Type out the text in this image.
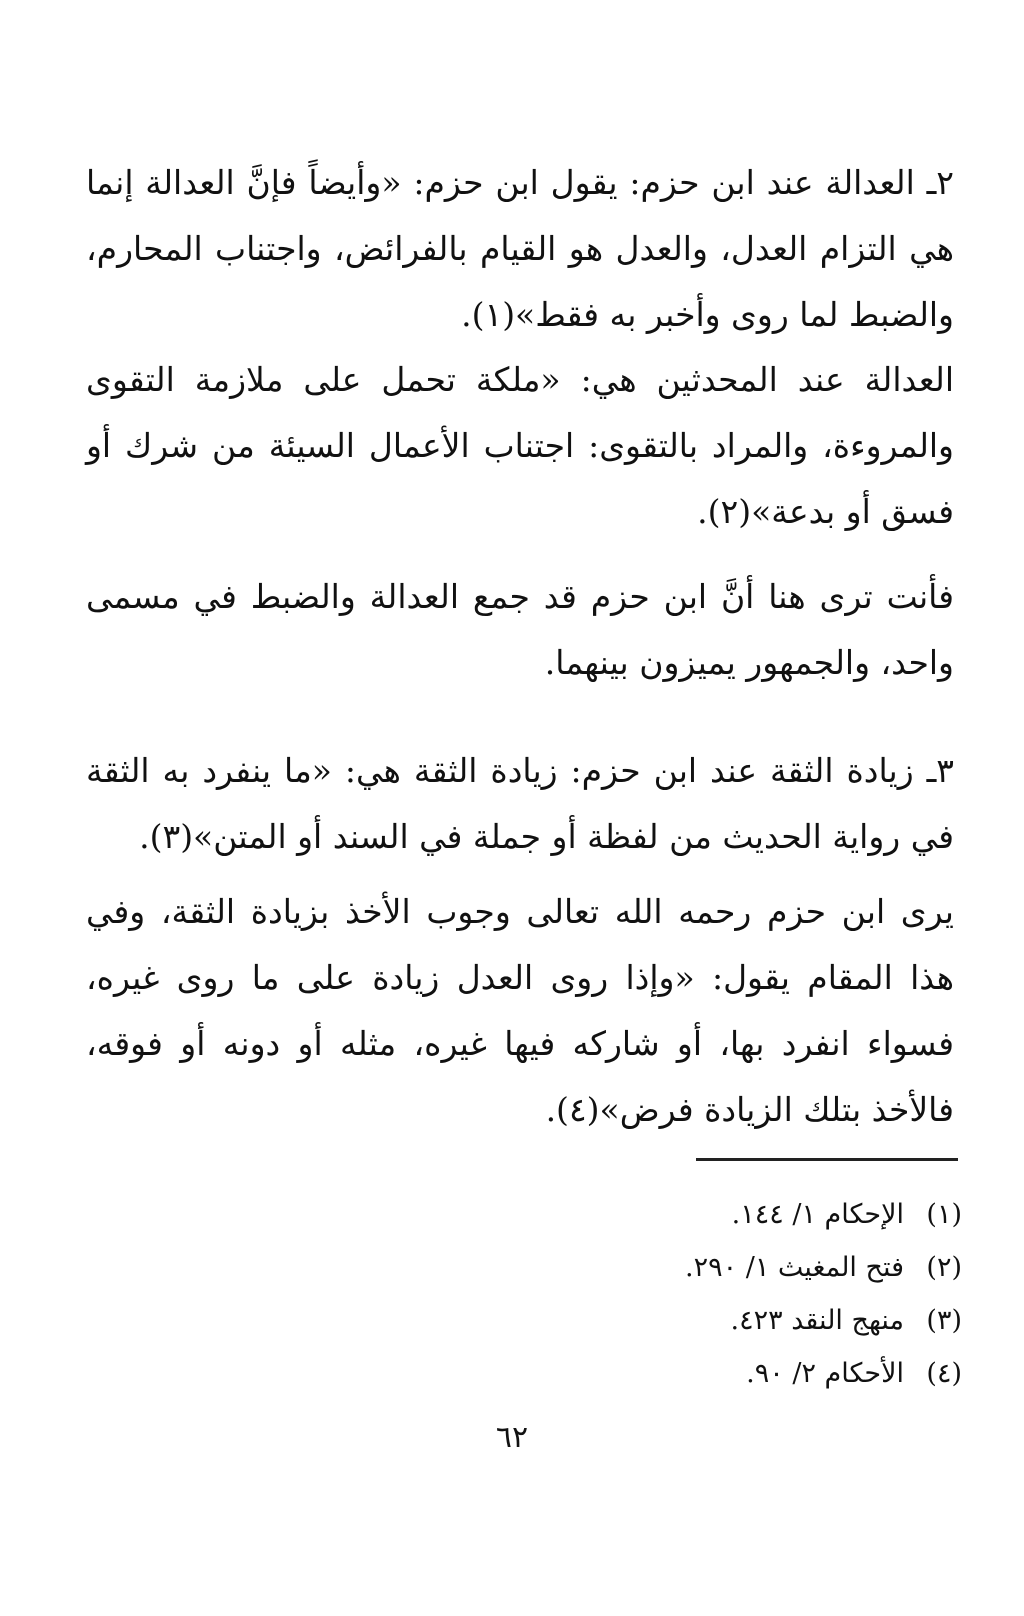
٢ـ العدالة عند ابن حزم: يقول ابن حزم: «وأيضاً فإنَّ العدالة إنما هي التزام العدل، والعدل هو القيام بالفرائض، واجتناب المحارم، والضبط لما روى وأخبر به فقط»(١).

العدالة عند المحدثين هي: «ملكة تحمل على ملازمة التقوى والمروءة، والمراد بالتقوى: اجتناب الأعمال السيئة من شرك أو فسق أو بدعة»(٢).

فأنت ترى هنا أنَّ ابن حزم قد جمع العدالة والضبط في مسمى واحد، والجمهور يميزون بينهما.

٣ـ زيادة الثقة عند ابن حزم: زيادة الثقة هي: «ما ينفرد به الثقة في رواية الحديث من لفظة أو جملة في السند أو المتن»(٣).

يرى ابن حزم رحمه الله تعالى وجوب الأخذ بزيادة الثقة، وفي هذا المقام يقول: «وإذا روى العدل زيادة على ما روى غيره، فسواء انفرد بها، أو شاركه فيها غيره، مثله أو دونه أو فوقه، فالأخذ بتلك الزيادة فرض»(٤).

(١)
الإحكام ١/ ١٤٤.
(٢)
فتح المغيث ١/ ٢٩٠.
(٣)
منهج النقد ٤٢٣.
(٤)
الأحكام ٢/ ٩٠.
٦٢
